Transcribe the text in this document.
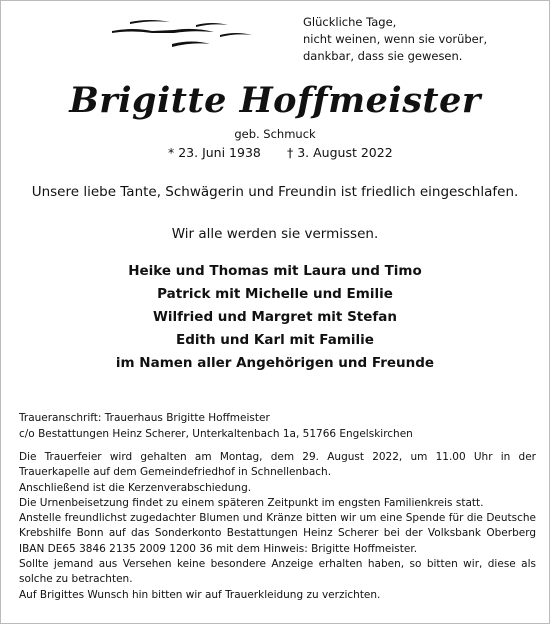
Glückliche Tage,
nicht weinen, wenn sie vorüber,
dankbar, dass sie gewesen.
Brigitte Hoffmeister
geb. Schmuck
* 23. Juni 1938 † 3. August 2022
Unsere liebe Tante, Schwägerin und Freundin ist friedlich eingeschlafen.
Wir alle werden sie vermissen.
Heike und Thomas mit Laura und Timo
Patrick mit Michelle und Emilie
Wilfried und Margret mit Stefan
Edith und Karl mit Familie
im Namen aller Angehörigen und Freunde
Traueranschrift: Trauerhaus Brigitte Hoffmeister
c/o Bestattungen Heinz Scherer, Unterkaltenbach 1a, 51766 Engelskirchen

Die Trauerfeier wird gehalten am Montag, dem 29. August 2022, um 11.00 Uhr in der Trauerkapelle auf dem Gemeindefriedhof in Schnellenbach.

Anschließend ist die Kerzenverabschiedung.

Die Urnenbeisetzung findet zu einem späteren Zeitpunkt im engsten Familienkreis statt.

Anstelle freundlichst zugedachter Blumen und Kränze bitten wir um eine Spende für die Deutsche Krebshilfe Bonn auf das Sonderkonto Bestattungen Heinz Scherer bei der Volksbank Oberberg IBAN DE65 3846 2135 2009 1200 36 mit dem Hinweis: Brigitte Hoffmeister.

Sollte jemand aus Versehen keine besondere Anzeige erhalten haben, so bitten wir, diese als solche zu betrachten.

Auf Brigittes Wunsch hin bitten wir auf Trauerkleidung zu verzichten.
